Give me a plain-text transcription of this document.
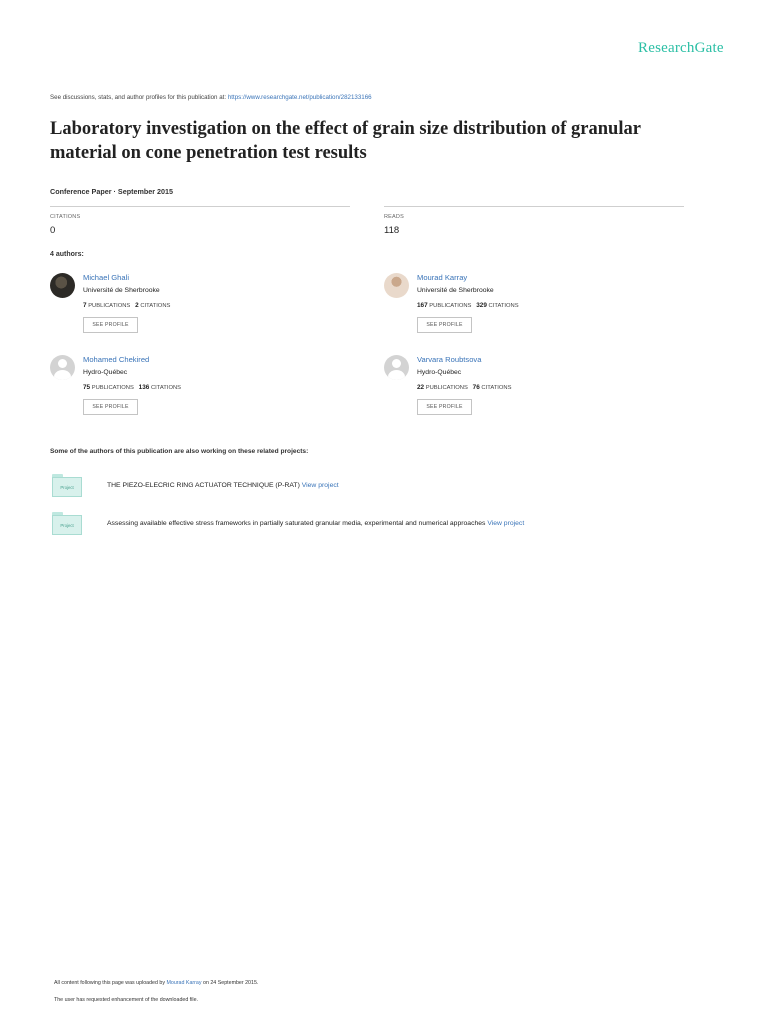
ResearchGate
See discussions, stats, and author profiles for this publication at: https://www.researchgate.net/publication/282133166
Laboratory investigation on the effect of grain size distribution of granular
material on cone penetration test results
Conference Paper · September 2015
CITATIONS
0
READS
118
4 authors:
Michael Ghali
Université de Sherbrooke
7 PUBLICATIONS 2 CITATIONS
SEE PROFILE
Mourad Karray
Université de Sherbrooke
167 PUBLICATIONS 329 CITATIONS
SEE PROFILE
Mohamed Chekired
Hydro-Québec
75 PUBLICATIONS 136 CITATIONS
SEE PROFILE
Varvara Roubtsova
Hydro-Québec
22 PUBLICATIONS 76 CITATIONS
SEE PROFILE
Some of the authors of this publication are also working on these related projects:
Project	THE PIEZO-ELECRIC RING ACTUATOR TECHNIQUE (P-RAT) View project
Project	Assessing available effective stress frameworks in partially saturated granular media, experimental and numerical approaches View project
All content following this page was uploaded by Mourad Karray on 24 September 2015.
The user has requested enhancement of the downloaded file.
